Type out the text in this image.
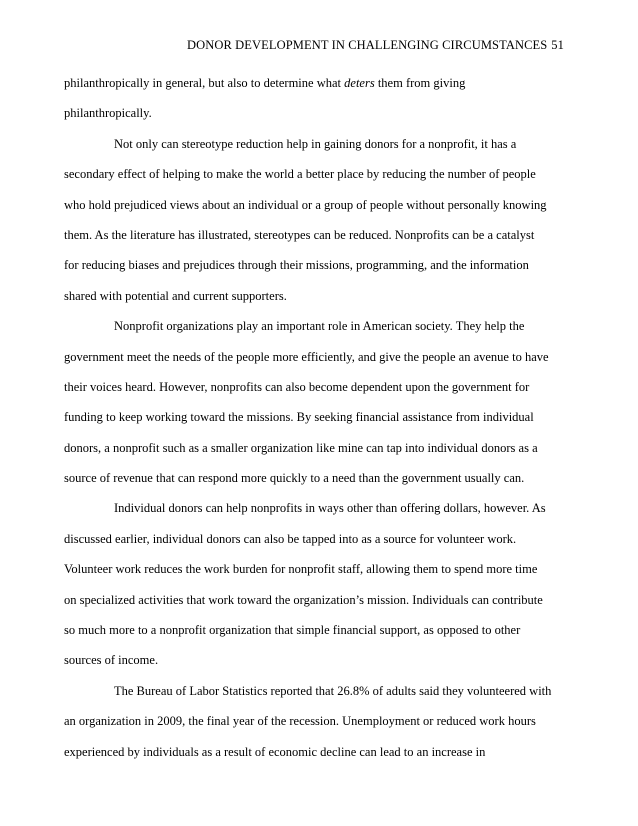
DONOR DEVELOPMENT IN CHALLENGING CIRCUMSTANCES 51
philanthropically in general, but also to determine what deters them from giving
philanthropically.
Not only can stereotype reduction help in gaining donors for a nonprofit, it has a
secondary effect of helping to make the world a better place by reducing the number of people
who hold prejudiced views about an individual or a group of people without personally knowing
them. As the literature has illustrated, stereotypes can be reduced. Nonprofits can be a catalyst
for reducing biases and prejudices through their missions, programming, and the information
shared with potential and current supporters.
Nonprofit organizations play an important role in American society. They help the
government meet the needs of the people more efficiently, and give the people an avenue to have
their voices heard. However, nonprofits can also become dependent upon the government for
funding to keep working toward the missions. By seeking financial assistance from individual
donors, a nonprofit such as a smaller organization like mine can tap into individual donors as a
source of revenue that can respond more quickly to a need than the government usually can.
Individual donors can help nonprofits in ways other than offering dollars, however. As
discussed earlier, individual donors can also be tapped into as a source for volunteer work.
Volunteer work reduces the work burden for nonprofit staff, allowing them to spend more time
on specialized activities that work toward the organization’s mission. Individuals can contribute
so much more to a nonprofit organization that simple financial support, as opposed to other
sources of income.
The Bureau of Labor Statistics reported that 26.8% of adults said they volunteered with
an organization in 2009, the final year of the recession. Unemployment or reduced work hours
experienced by individuals as a result of economic decline can lead to an increase in
